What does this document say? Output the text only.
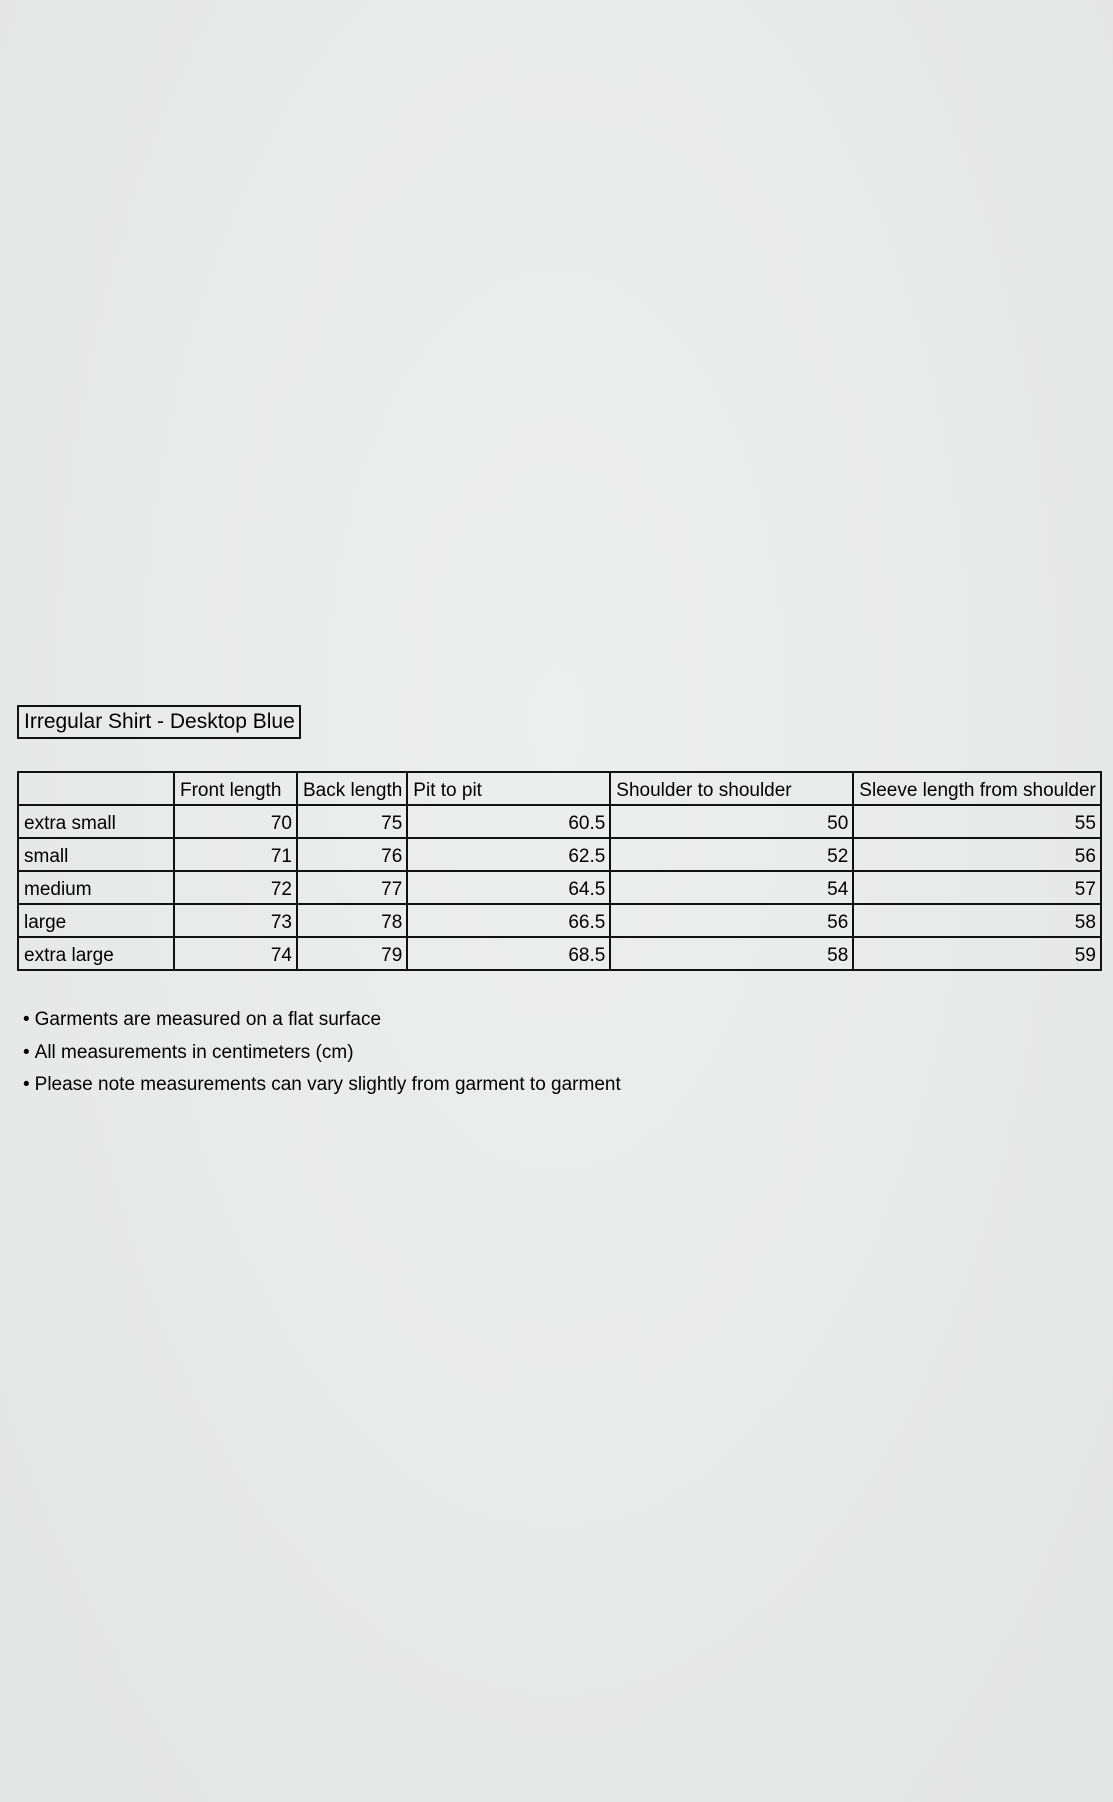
Irregular Shirt - Desktop Blue
	Front length	Back length	Pit to pit	Shoulder to shoulder	Sleeve length from shoulder
extra small	70	75	60.5	50	55
small	71	76	62.5	52	56
medium	72	77	64.5	54	57
large	73	78	66.5	56	58
extra large	74	79	68.5	58	59
• Garments are measured on a flat surface
• All measurements in centimeters (cm)
• Please note measurements can vary slightly from garment to garment
